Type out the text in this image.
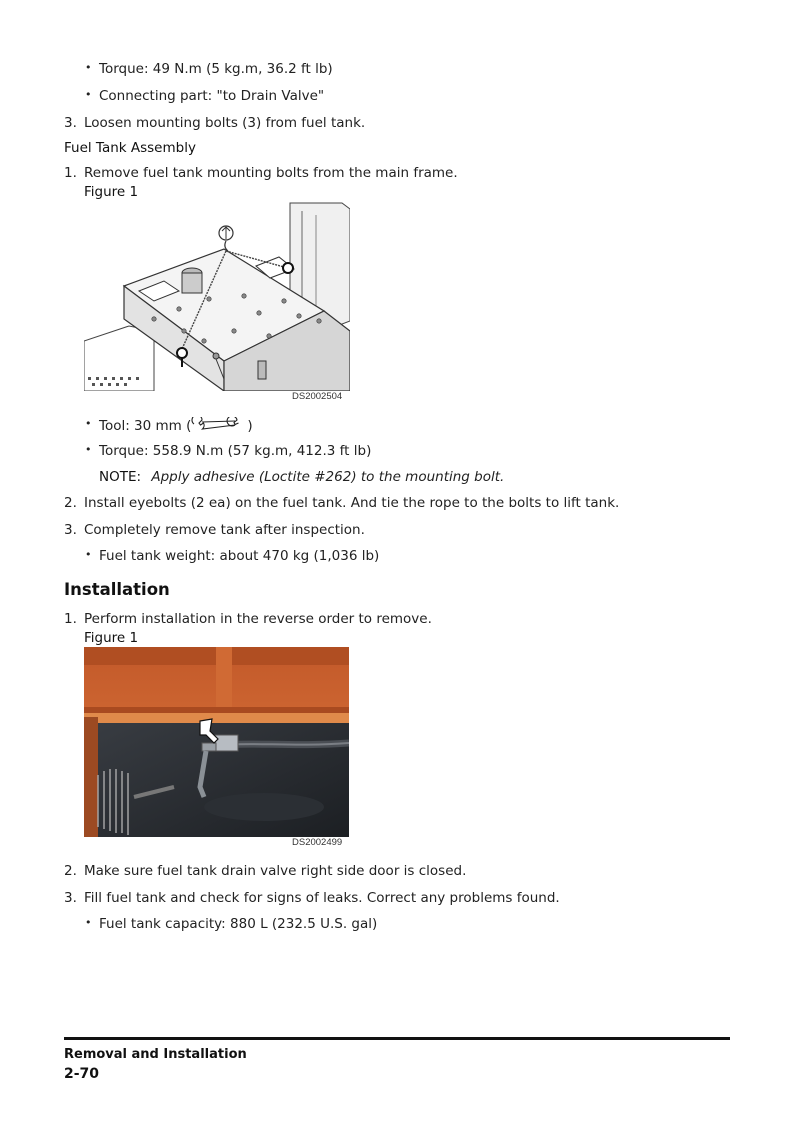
• Torque: 49 N.m (5 kg.m, 36.2 ft lb)
• Connecting part: "to Drain Valve"
3. Loosen mounting bolts (3) from fuel tank.
Fuel Tank Assembly
1. Remove fuel tank mounting bolts from the main frame.
Figure 1
DS2002504
• Tool: 30 mm (	)
• Torque: 558.9 N.m (57 kg.m, 412.3 ft lb)
NOTE: Apply adhesive (Loctite #262) to the mounting bolt.
2. Install eyebolts (2 ea) on the fuel tank. And tie the rope to the bolts to lift tank.
3. Completely remove tank after inspection.
• Fuel tank weight: about 470 kg (1,036 lb)
Installation
1. Perform installation in the reverse order to remove.
Figure 1
DS2002499
2. Make sure fuel tank drain valve right side door is closed.
3. Fill fuel tank and check for signs of leaks. Correct any problems found.
• Fuel tank capacity: 880 L (232.5 U.S. gal)
Removal and Installation
2-70
